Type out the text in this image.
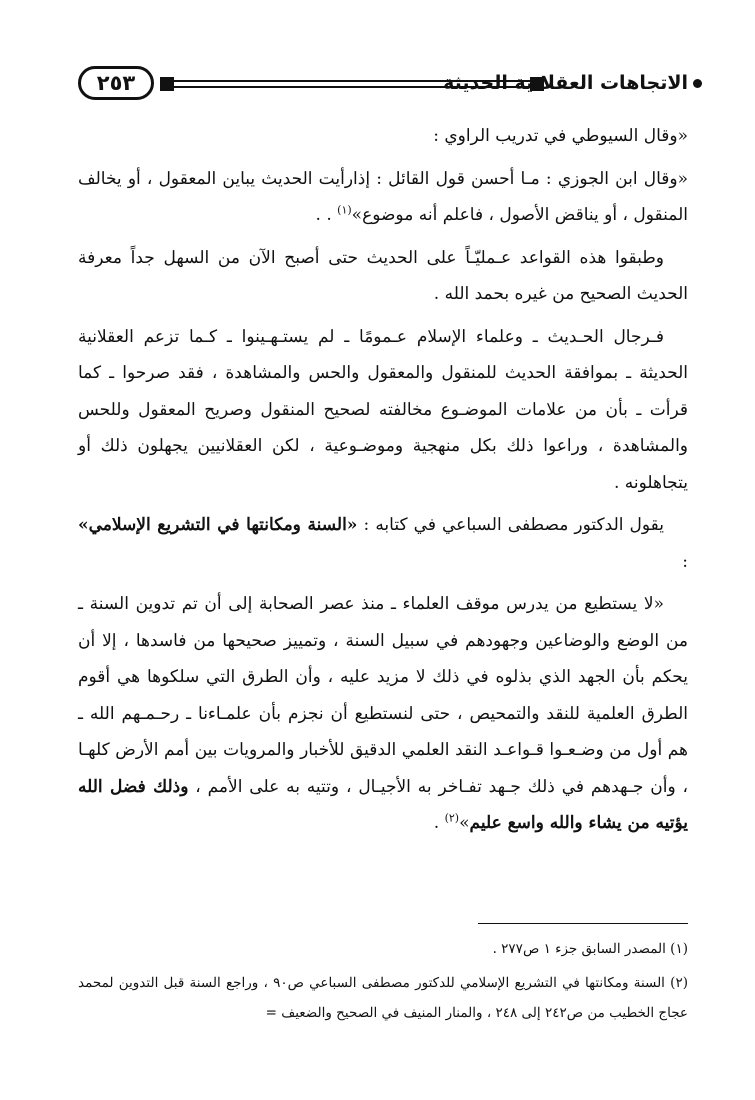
٢٥٣	الاتجاهات العقلانية الحديثة

«وقال السيوطي في تدريب الراوي :

«وقال ابن الجوزي : مـا أحسن قول القائل : إذارأيت الحديث يباين المعقول ، أو يخالف المنقول ، أو يناقض الأصول ، فاعلم أنه موضوع»$^{(١)}$ . .

وطبقوا هذه القواعد عـمليّـاً على الحديث حتى أصبح الآن من السهل جداً معرفة الحديث الصحيح من غيره بحمد الله .

فـرجال الحـديث ـ وعلماء الإسلام عـمومًا ـ لم يستـهـينوا ـ كـما تزعم العقلانية الحديثة ـ بموافقة الحديث للمنقول والمعقول والحس والمشاهدة ، فقد صرحوا ـ كما قرأت ـ بأن من علامات الموضـوع مخالفته لصحيح المنقول وصريح المعقول وللحس والمشاهدة ، وراعوا ذلك بكل منهجية وموضـوعية ، لكن العقلانيين يجهلون ذلك أو يتجاهلونه .

يقول الدكتور مصطفى السباعي في كتابه : «السنة ومكانتها في التشريع الإسلامي» :

«لا يستطيع من يدرس موقف العلماء ـ منذ عصر الصحابة إلى أن تم تدوين السنة ـ من الوضع والوضاعين وجهودهم في سبيل السنة ، وتمييز صحيحها من فاسدها ، إلا أن يحكم بأن الجهد الذي بذلوه في ذلك لا مزيد عليه ، وأن الطرق التي سلكوها هي أقوم الطرق العلمية للنقد والتمحيص ، حتى لنستطيع أن نجزم بأن علمـاءنا ـ رحـمـهم الله ـ هم أول من وضـعـوا قـواعـد النقد العلمي الدقيق للأخبار والمرويات بين أمم الأرض كلهـا ، وأن جـهدهم في ذلك جـهد تفـاخر به الأجيـال ، وتتيه به على الأمم ، وذلك فضل الله يؤتيه من يشاء والله واسع عليم»$^{(٢)}$ .

(١) المصدر السابق جزء ١ ص٢٧٧ .

(٢) السنة ومكانتها في التشريع الإسلامي للدكتور مصطفى السباعي ص٩٠ ، وراجع السنة قبل التدوين لمحمد عجاج الخطيب من ص٢٤٢ إلى ٢٤٨ ، والمنار المنيف في الصحيح والضعيف =
